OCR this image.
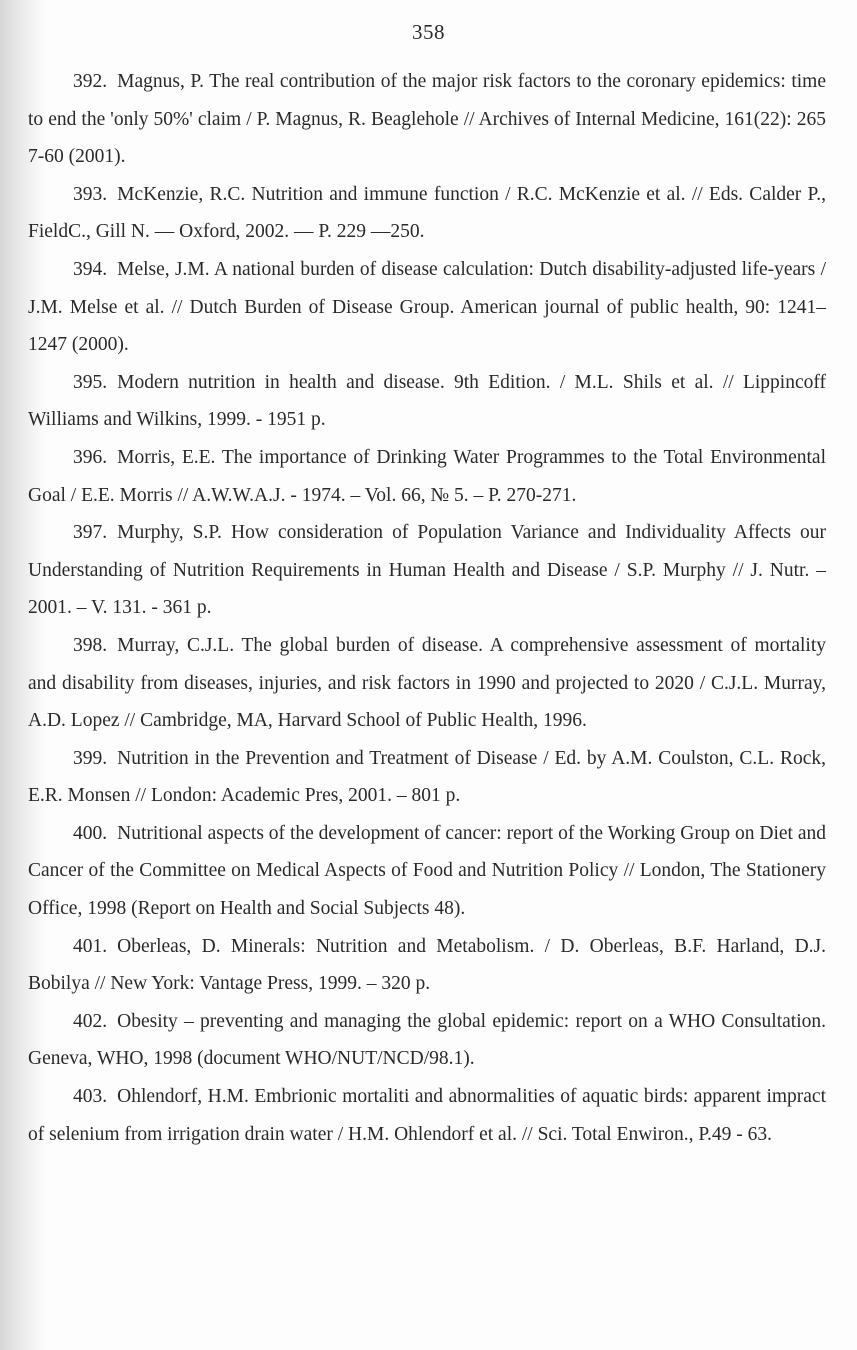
358

392. Magnus, P. The real contribution of the major risk factors to the coronary epidemics: time to end the 'only 50%' claim / P. Magnus, R. Beaglehole // Archives of Internal Medicine, 161(22): 265 7-60 (2001).

393. McKenzie, R.C. Nutrition and immune function / R.C. McKenzie et al. // Eds. Calder P., FieldC., Gill N. — Oxford, 2002. — P. 229 —250.

394. Melse, J.M. A national burden of disease calculation: Dutch disability-adjusted life-years / J.M. Melse et al. // Dutch Burden of Disease Group. American journal of public health, 90: 1241–1247 (2000).

395. Modern nutrition in health and disease. 9th Edition. / M.L. Shils et al. // Lippincoff Williams and Wilkins, 1999. - 1951 p.

396. Morris, E.E. The importance of Drinking Water Programmes to the Total Environmental Goal / E.E. Morris // A.W.W.A.J. - 1974. – Vol. 66, № 5. – P. 270-271.

397. Murphy, S.P. How consideration of Population Variance and Individuality Affects our Understanding of Nutrition Requirements in Human Health and Disease / S.P. Murphy // J. Nutr. – 2001. – V. 131. - 361 p.

398. Murray, C.J.L. The global burden of disease. A comprehensive assessment of mortality and disability from diseases, injuries, and risk factors in 1990 and projected to 2020 / C.J.L. Murray, A.D. Lopez // Cambridge, MA, Harvard School of Public Health, 1996.

399. Nutrition in the Prevention and Treatment of Disease / Ed. by A.M. Coulston, C.L. Rock, E.R. Monsen // London: Academic Pres, 2001. – 801 p.

400. Nutritional aspects of the development of cancer: report of the Working Group on Diet and Cancer of the Committee on Medical Aspects of Food and Nutrition Policy // London, The Stationery Office, 1998 (Report on Health and Social Subjects 48).

401. Oberleas, D. Minerals: Nutrition and Metabolism. / D. Oberleas, B.F. Harland, D.J. Bobilya // New York: Vantage Press, 1999. – 320 p.

402. Obesity – preventing and managing the global epidemic: report on a WHO Consultation. Geneva, WHO, 1998 (document WHO/NUT/NCD/98.1).

403. Ohlendorf, H.M. Embrionic mortaliti and abnormalities of aquatic birds: apparent impract of selenium from irrigation drain water / H.M. Ohlendorf et al. // Sci. Total Enwiron., P.49 - 63.
